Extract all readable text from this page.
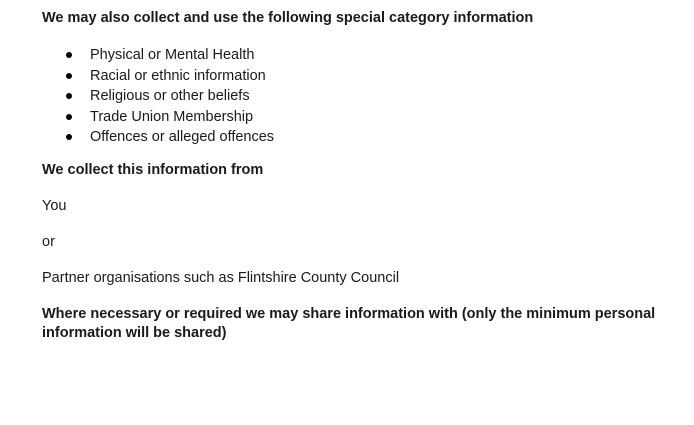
We may also collect and use the following special category information

Physical or Mental Health
Racial or ethnic information
Religious or other beliefs
Trade Union Membership
Offences or alleged offences

We collect this information from

You

or

Partner organisations such as Flintshire County Council

Where necessary or required we may share information with (only the minimum personal information will be shared)
